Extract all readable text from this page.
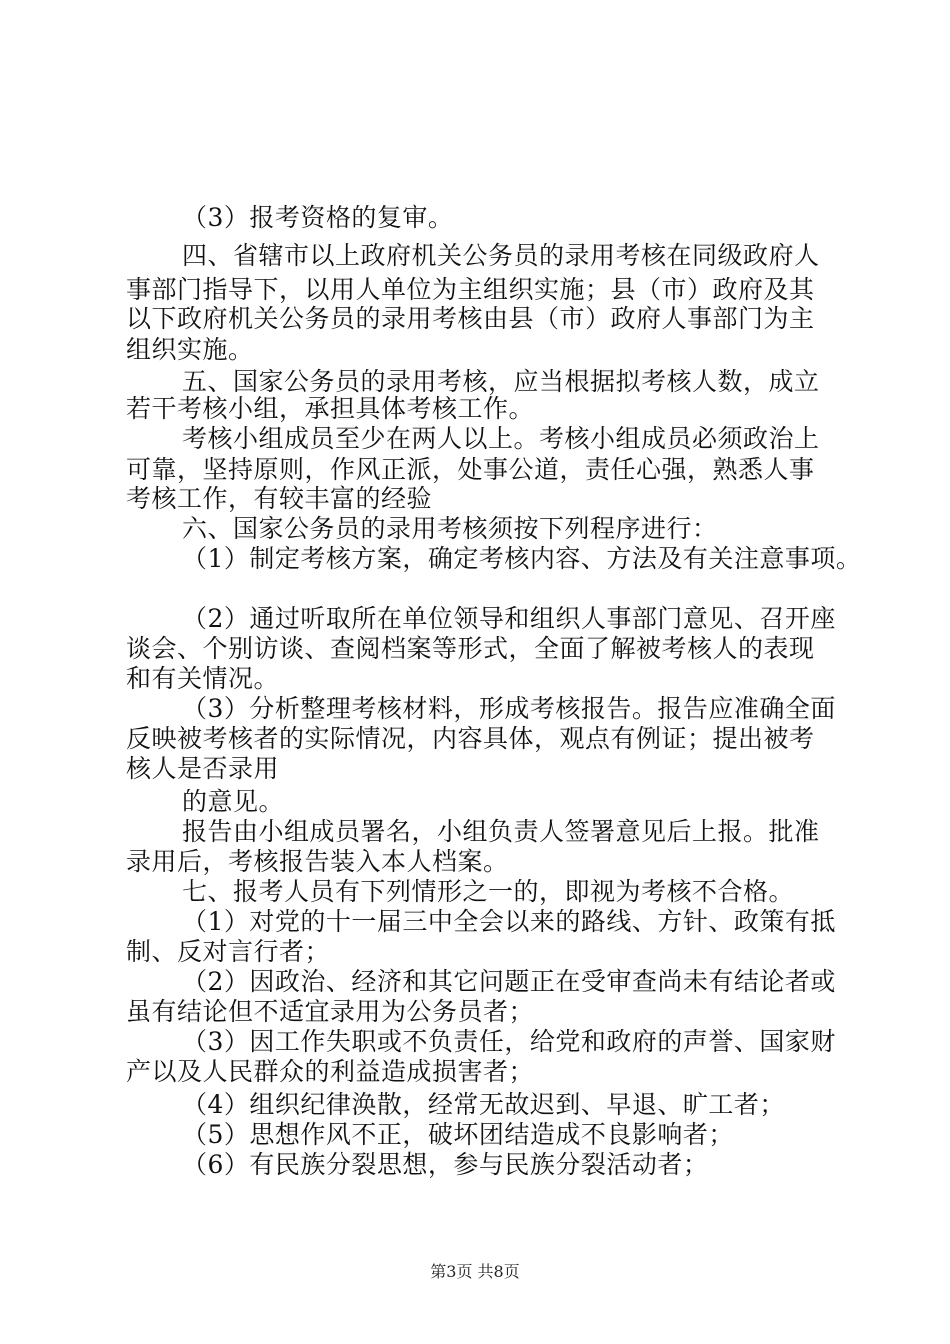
（3）报考资格的复审。
四、省辖市以上政府机关公务员的录用考核在同级政府人
事部门指导下，以用人单位为主组织实施；县（市）政府及其
以下政府机关公务员的录用考核由县（市）政府人事部门为主
组织实施。
五、国家公务员的录用考核，应当根据拟考核人数，成立
若干考核小组，承担具体考核工作。
考核小组成员至少在两人以上。考核小组成员必须政治上
可靠，坚持原则，作风正派，处事公道，责任心强，熟悉人事
考核工作，有较丰富的经验
六、国家公务员的录用考核须按下列程序进行：
（1）制定考核方案，确定考核内容、方法及有关注意事项。
（2）通过听取所在单位领导和组织人事部门意见、召开座
谈会、个别访谈、查阅档案等形式，全面了解被考核人的表现
和有关情况。
（3）分析整理考核材料，形成考核报告。报告应准确全面
反映被考核者的实际情况，内容具体，观点有例证；提出被考
核人是否录用
的意见。
报告由小组成员署名，小组负责人签署意见后上报。批准
录用后，考核报告装入本人档案。
七、报考人员有下列情形之一的，即视为考核不合格。
（1）对党的十一届三中全会以来的路线、方针、政策有抵
制、反对言行者；
（2）因政治、经济和其它问题正在受审查尚未有结论者或
虽有结论但不适宜录用为公务员者；
（3）因工作失职或不负责任，给党和政府的声誉、国家财
产以及人民群众的利益造成损害者；
（4）组织纪律涣散，经常无故迟到、早退、旷工者；
（5）思想作风不正，破坏团结造成不良影响者；
（6）有民族分裂思想，参与民族分裂活动者；
第3页 共8页
